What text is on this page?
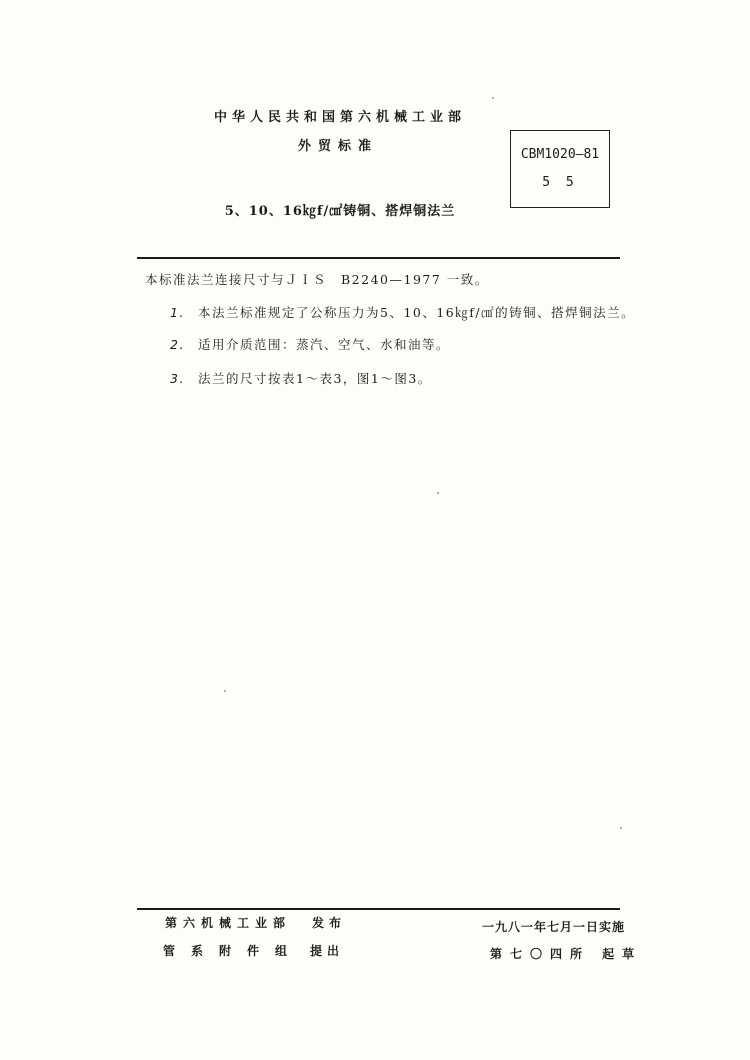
中华人民共和国第六机械工业部
外贸标准
CBM1020—81
5 5
5、10、16㎏f/㎠铸铜、搭焊铜法兰
本标准法兰连接尺寸与ＪＩＳ　B2240—1977 一致。
1. 本法兰标准规定了公称压力为5、10、16㎏f/㎠的铸铜、搭焊铜法兰。
2. 适用介质范围：蒸汽、空气、水和油等。
3. 法兰的尺寸按表1～表3，图1～图3。
第六机械工业部 发布
管系附件组 提出
一九八一年七月一日实施
第七〇四所 起草
